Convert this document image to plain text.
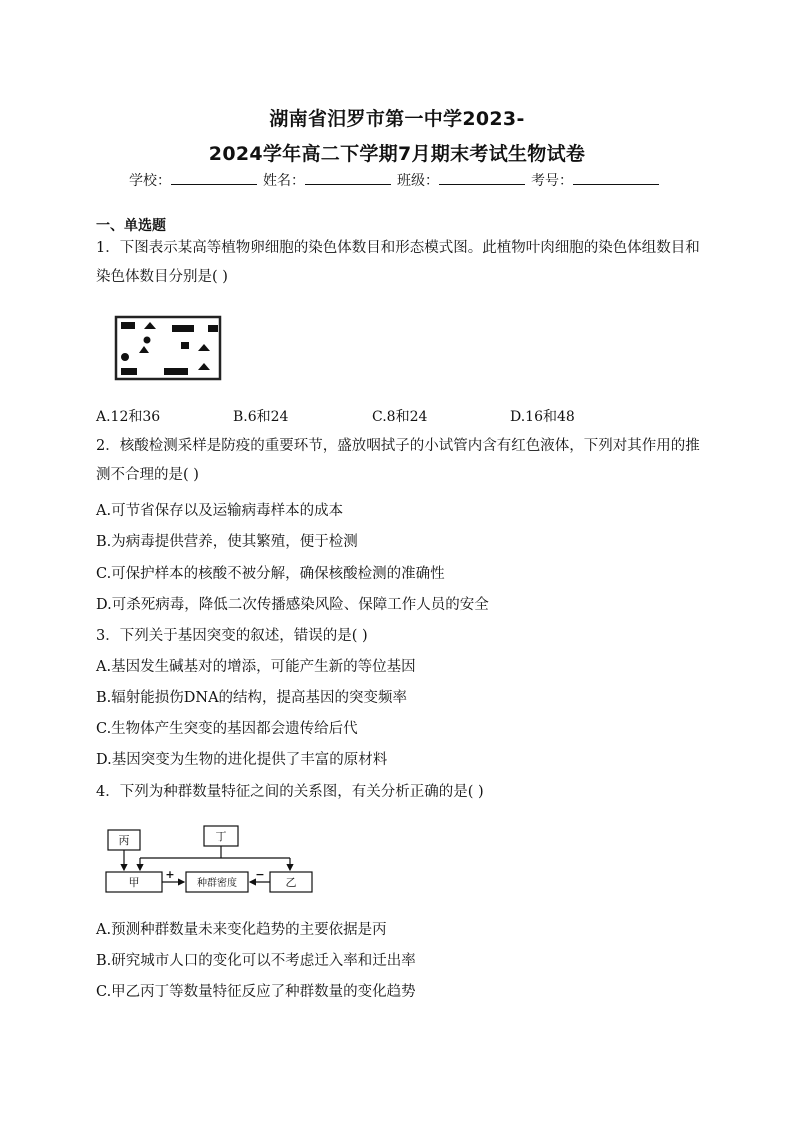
湖南省汨罗市第一中学2023-
2024学年高二下学期7月期末考试生物试卷
学校：	姓名：	班级：	考号：
一、单选题
1．下图表示某高等植物卵细胞的染色体数目和形态模式图。此植物叶肉细胞的染色体组数目和染色体数目分别是( )
A.12和36	B.6和24	C.8和24	D.16和48
2．核酸检测采样是防疫的重要环节，盛放咽拭子的小试管内含有红色液体，下列对其作用的推测不合理的是( )
A.可节省保存以及运输病毒样本的成本
B.为病毒提供营养，使其繁殖，便于检测
C.可保护样本的核酸不被分解，确保核酸检测的准确性
D.可杀死病毒，降低二次传播感染风险、保障工作人员的安全
3．下列关于基因突变的叙述，错误的是( )
A.基因发生碱基对的增添，可能产生新的等位基因
B.辐射能损伤DNA的结构，提高基因的突变频率
C.生物体产生突变的基因都会遗传给后代
D.基因突变为生物的进化提供了丰富的原材料
4．下列为种群数量特征之间的关系图，有关分析正确的是( )
丙	丁
甲	种群密度	乙
+	−
A.预测种群数量未来变化趋势的主要依据是丙
B.研究城市人口的变化可以不考虑迁入率和迁出率
C.甲乙丙丁等数量特征反应了种群数量的变化趋势
